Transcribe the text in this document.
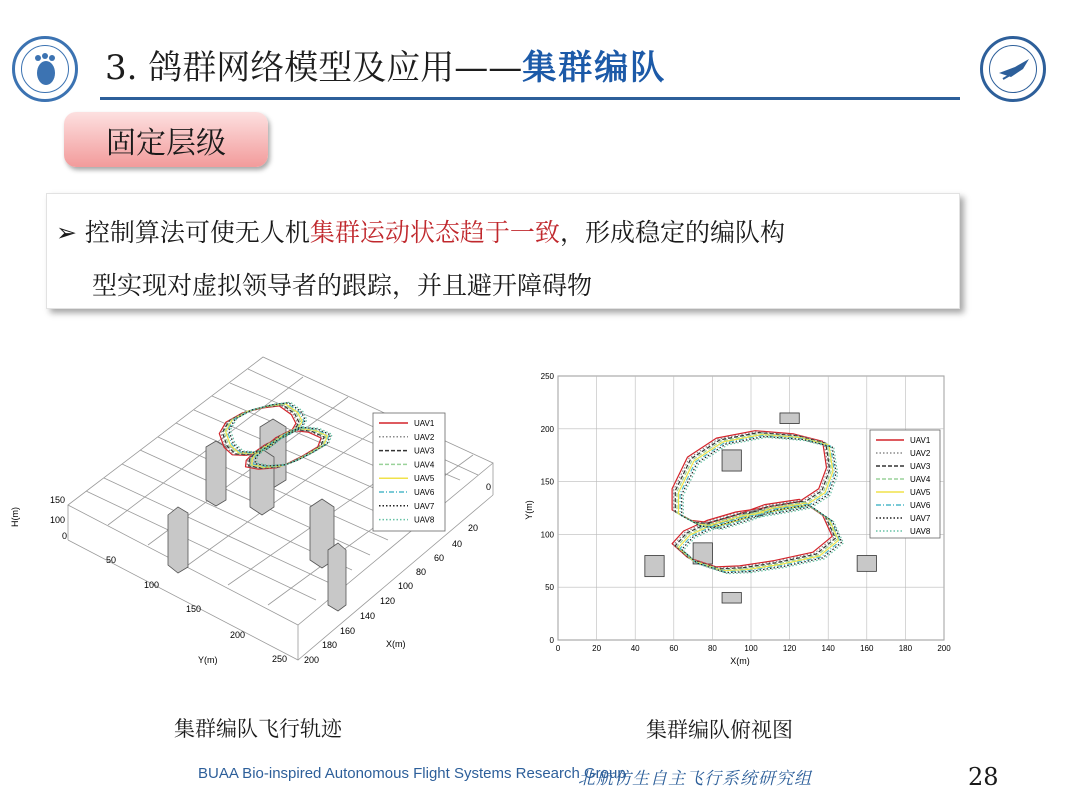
3. 鸽群网络模型及应用——集群编队
固定层级
➢ 控制算法可使无人机集群运动状态趋于一致，形成稳定的编队构
型实现对虚拟领导者的跟踪，并且避开障碍物
UAV1
UAV2
UAV3
UAV4
UAV5
UAV6
UAV7
UAV8
H(m)
150
100
0
50
100
150
200
250
Y(m)
0
20
40
60
80
100
120
140
160
180
200
X(m)	0	20	40	60	80	100	120	140	160	180	200
0
50
100
150
200
250
UAV1
UAV2
UAV3
UAV4
UAV5
UAV6
UAV7
UAV8
X(m)
Y(m)
集群编队飞行轨迹	集群编队俯视图
BUAA Bio-inspired Autonomous Flight Systems Research Group
北航仿生自主飞行系统研究组	28
